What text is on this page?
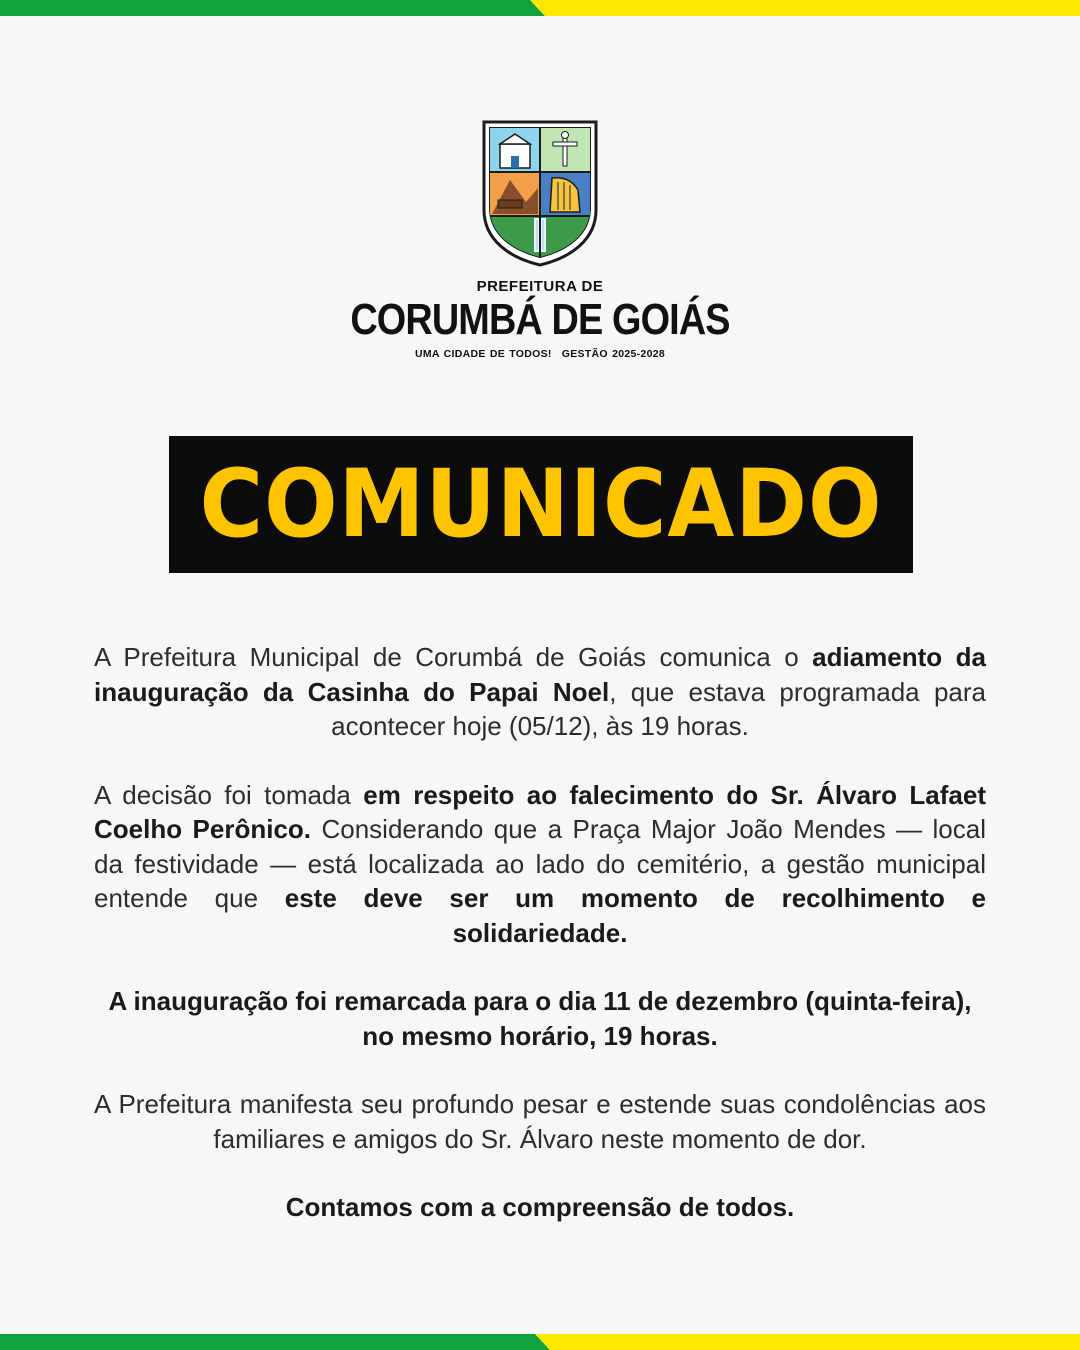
PREFEITURA DE
CORUMBÁ DE GOIÁS
UMA CIDADE DE TODOS! GESTÃO 2025-2028
COMUNICADO

A Prefeitura Municipal de Corumbá de Goiás comunica o adiamento da inauguração da Casinha do Papai Noel, que estava programada para acontecer hoje (05/12), às 19 horas.

A decisão foi tomada em respeito ao falecimento do Sr. Álvaro Lafaet Coelho Perônico. Considerando que a Praça Major João Mendes — local da festividade — está localizada ao lado do cemitério, a gestão municipal entende que este deve ser um momento de recolhimento e solidariedade.

A inauguração foi remarcada para o dia 11 de dezembro (quinta-feira), no mesmo horário, 19 horas.

A Prefeitura manifesta seu profundo pesar e estende suas condolências aos familiares e amigos do Sr. Álvaro neste momento de dor.

Contamos com a compreensão de todos.
